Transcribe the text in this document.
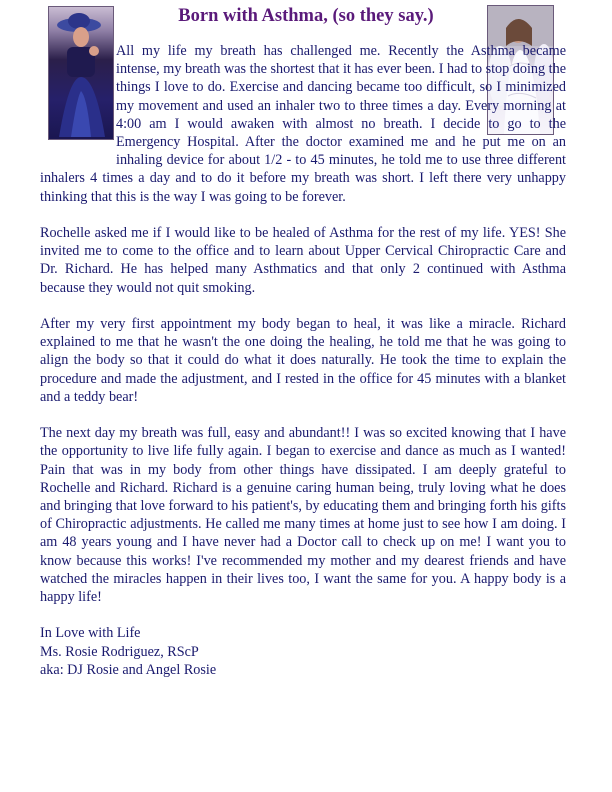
Born with Asthma, (so they say.)

All my life my breath has challenged me. Recently the Asthma became intense, my breath was the shortest that it has ever been. I had to stop doing the things I love to do. Exercise and dancing became too difficult, so I minimized my movement and used an inhaler two to three times a day. Every morning at 4:00 am I would awaken with almost no breath. I decide to go to the Emergency Hospital. After the doctor examined me and he put me on an inhaling device for about 1/2 - to 45 minutes, he told me to use three different inhalers 4 times a day and to do it before my breath was short. I left there very unhappy thinking that this is the way I was going to be forever.

Rochelle asked me if I would like to be healed of Asthma for the rest of my life. YES! She invited me to come to the office and to learn about Upper Cervical Chiropractic Care and Dr. Richard. He has helped many Asthmatics and that only 2 continued with Asthma because they would not quit smoking.

After my very first appointment my body began to heal, it was like a miracle. Richard explained to me that he wasn't the one doing the healing, he told me that he was going to align the body so that it could do what it does naturally. He took the time to explain the procedure and made the adjustment, and I rested in the office for 45 minutes with a blanket and a teddy bear!

The next day my breath was full, easy and abundant!! I was so excited knowing that I have the opportunity to live life fully again. I began to exercise and dance as much as I wanted! Pain that was in my body from other things have dissipated. I am deeply grateful to Rochelle and Richard. Richard is a genuine caring human being, truly loving what he does and bringing that love forward to his patient's, by educating them and bringing forth his gifts of Chiropractic adjustments. He called me many times at home just to see how I am doing. I am 48 years young and I have never had a Doctor call to check up on me! I want you to know because this works! I've recommended my mother and my dearest friends and have watched the miracles happen in their lives too, I want the same for you. A happy body is a happy life!

In Love with Life
Ms. Rosie Rodriguez, RScP
aka: DJ Rosie and Angel Rosie
